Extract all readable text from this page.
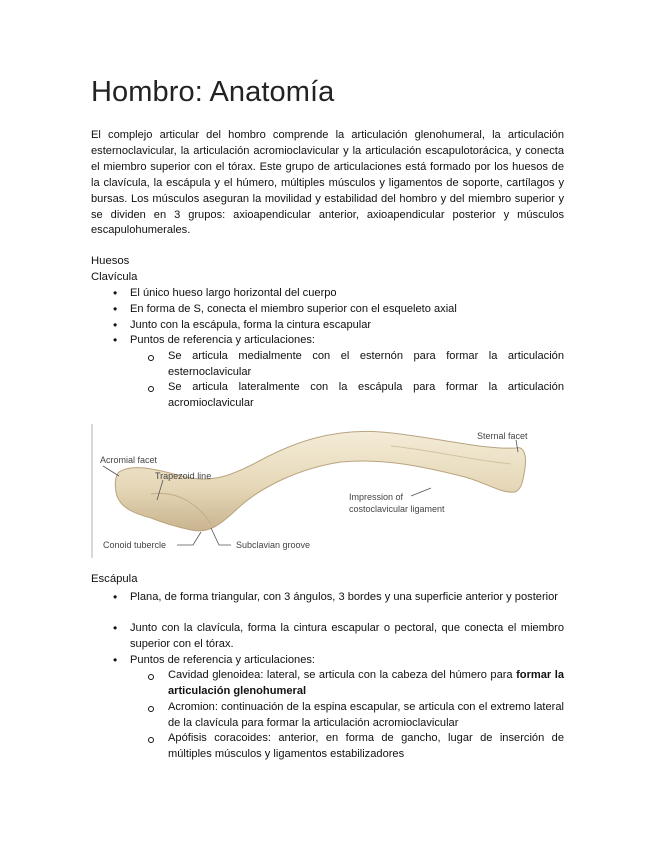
Hombro: Anatomía

El complejo articular del hombro comprende la articulación glenohumeral, la articulación esternoclavicular, la articulación acromioclavicular y la articulación escapulotorácica, y conecta el miembro superior con el tórax. Este grupo de articulaciones está formado por los huesos de la clavícula, la escápula y el húmero, múltiples músculos y ligamentos de soporte, cartílagos y bursas. Los músculos aseguran la movilidad y estabilidad del hombro y del miembro superior y se dividen en 3 grupos: axioapendicular anterior, axioapendicular posterior y músculos escapulohumerales.

Huesos

Clavícula

• El único hueso largo horizontal del cuerpo
• En forma de S, conecta el miembro superior con el esqueleto axial
• Junto con la escápula, forma la cintura escapular
• Puntos de referencia y articulaciones:
Se articula medialmente con el esternón para formar la articulación esternoclavicular
Se articula lateralmente con la escápula para formar la articulación acromioclavicular
Acromial facet
Trapezoid line
Sternal facet
Impression of
costoclavicular ligament
Conoid tubercle	Subclavian groove

Escápula

• Plana, de forma triangular, con 3 ángulos, 3 bordes y una superficie anterior y posterior
• Junto con la clavícula, forma la cintura escapular o pectoral, que conecta el miembro superior con el tórax.
• Puntos de referencia y articulaciones:
Cavidad glenoidea: lateral, se articula con la cabeza del húmero para formar la articulación glenohumeral
Acromion: continuación de la espina escapular, se articula con el extremo lateral de la clavícula para formar la articulación acromioclavicular
Apófisis coracoides: anterior, en forma de gancho, lugar de inserción de múltiples músculos y ligamentos estabilizadores
